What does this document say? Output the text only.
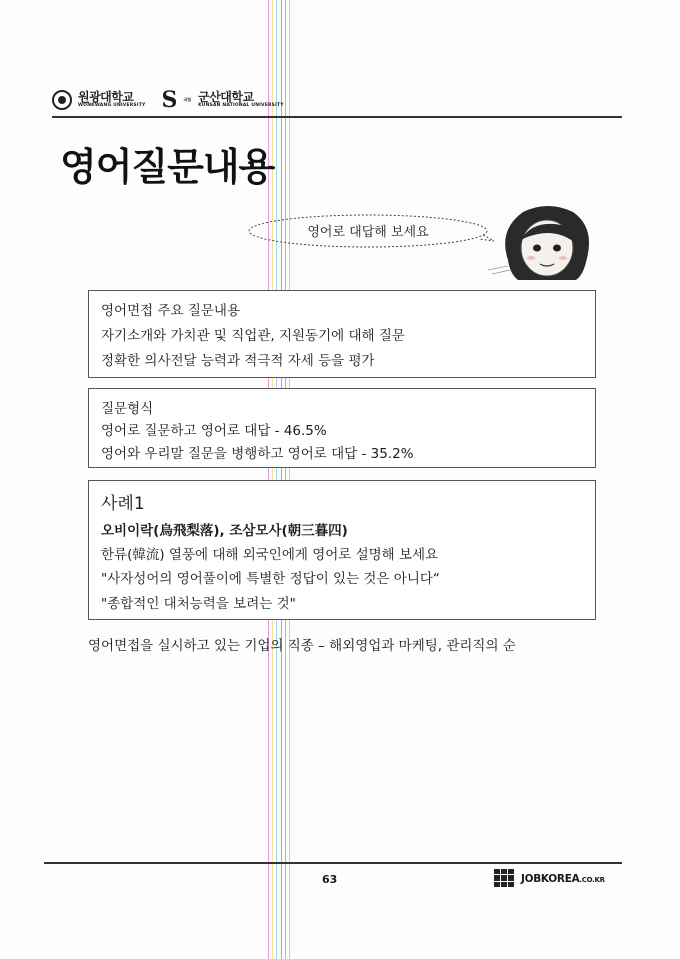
원광대학교
WONKWANG UNIVERSITY S 국립 군산대학교
KUNSAN NATIONAL UNIVERSITY
영어질문내용
영어로 대답해 보세요
영어면접 주요 질문내용
자기소개와 가치관 및 직업관, 지원동기에 대해 질문
정확한 의사전달 능력과 적극적 자세 등을 평가
질문형식
영어로 질문하고 영어로 대답 - 46.5%
영어와 우리말 질문을 병행하고 영어로 대답 - 35.2%
사례1
오비이락(烏飛梨落), 조삼모사(朝三暮四)
한류(韓流) 열풍에 대해 외국인에게 영어로 설명해 보세요
"사자성어의 영어풀이에 특별한 정답이 있는 것은 아니다“
"종합적인 대처능력을 보려는 것"
영어면접을 실시하고 있는 기업의 직종 – 해외영업과 마케팅, 관리직의 순
63	JOBKOREA.CO.KR
